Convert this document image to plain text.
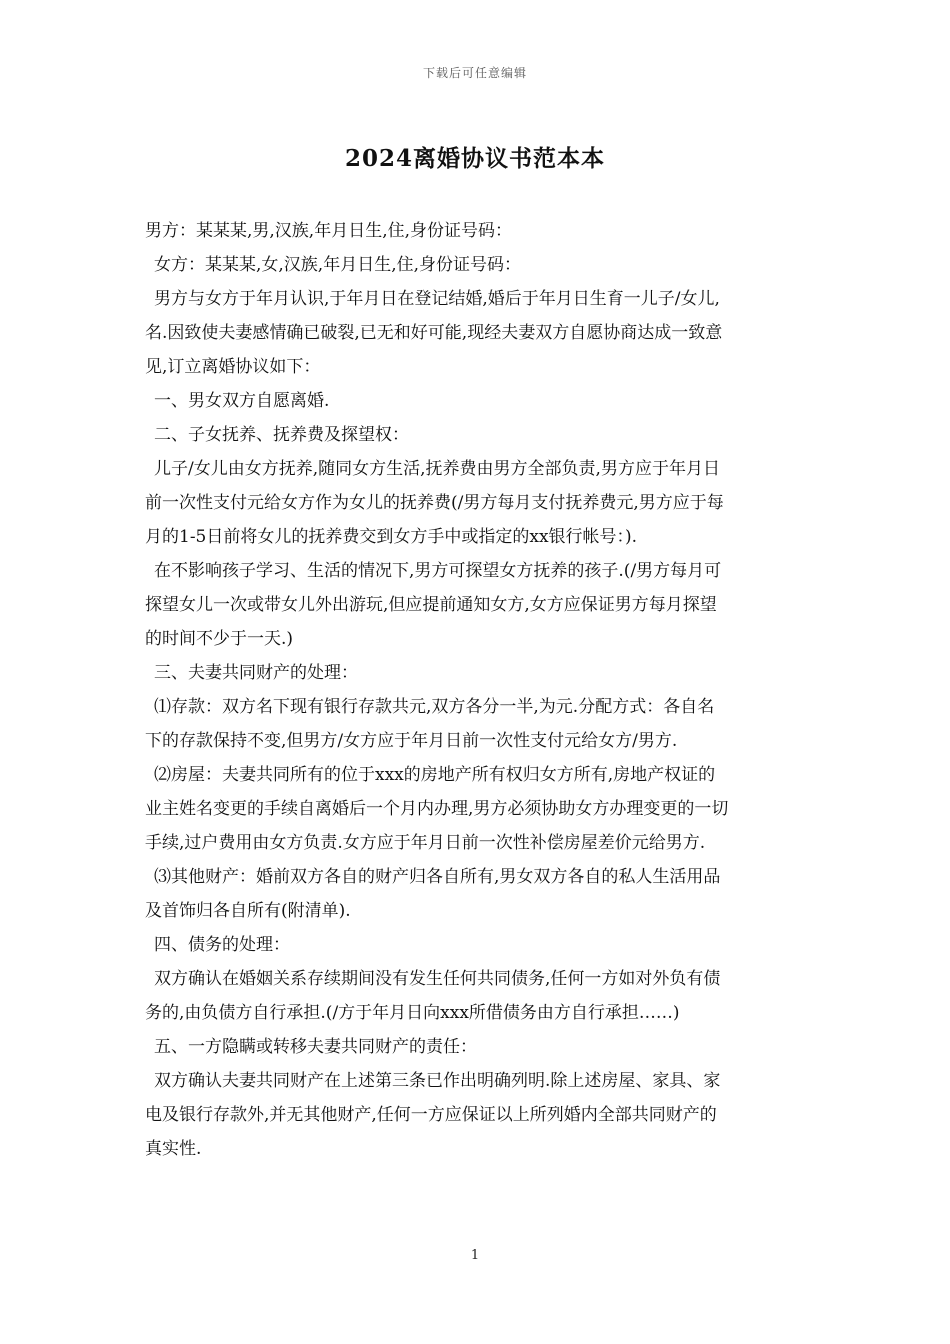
下载后可任意编辑
2024离婚协议书范本本
男方：某某某,男,汉族,年月日生,住,身份证号码：
女方：某某某,女,汉族,年月日生,住,身份证号码：
男方与女方于年月认识,于年月日在登记结婚,婚后于年月日生育一儿子/女儿,
名.因致使夫妻感情确已破裂,已无和好可能,现经夫妻双方自愿协商达成一致意
见,订立离婚协议如下：
一、男女双方自愿离婚.
二、子女抚养、抚养费及探望权：
儿子/女儿由女方抚养,随同女方生活,抚养费由男方全部负责,男方应于年月日
前一次性支付元给女方作为女儿的抚养费(/男方每月支付抚养费元,男方应于每
月的1-5日前将女儿的抚养费交到女方手中或指定的xx银行帐号：).
在不影响孩子学习、生活的情况下,男方可探望女方抚养的孩子.(/男方每月可
探望女儿一次或带女儿外出游玩,但应提前通知女方,女方应保证男方每月探望
的时间不少于一天.)
三、夫妻共同财产的处理：
⑴存款：双方名下现有银行存款共元,双方各分一半,为元.分配方式：各自名
下的存款保持不变,但男方/女方应于年月日前一次性支付元给女方/男方.
⑵房屋：夫妻共同所有的位于xxx的房地产所有权归女方所有,房地产权证的
业主姓名变更的手续自离婚后一个月内办理,男方必须协助女方办理变更的一切
手续,过户费用由女方负责.女方应于年月日前一次性补偿房屋差价元给男方.
⑶其他财产：婚前双方各自的财产归各自所有,男女双方各自的私人生活用品
及首饰归各自所有(附清单).
四、债务的处理：
双方确认在婚姻关系存续期间没有发生任何共同债务,任何一方如对外负有债
务的,由负债方自行承担.(/方于年月日向xxx所借债务由方自行承担……)
五、一方隐瞒或转移夫妻共同财产的责任：
双方确认夫妻共同财产在上述第三条已作出明确列明.除上述房屋、家具、家
电及银行存款外,并无其他财产,任何一方应保证以上所列婚内全部共同财产的
真实性.
1
